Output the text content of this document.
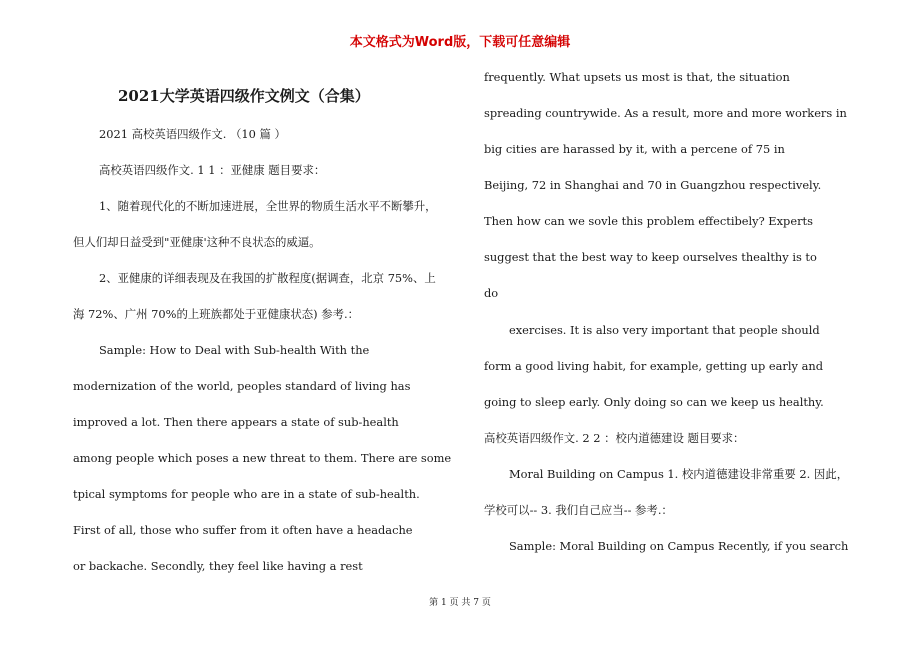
本文格式为Word版，下载可任意编辑
2021大学英语四级作文例文（合集）
2021 高校英语四级作文. （10 篇 ）
高校英语四级作文. 1 1 ：亚健康 题目要求：
1、随着现代化的不断加速进展，全世界的物质生活水平不断攀升，
但人们却日益受到"亚健康'这种不良状态的威逼。
2、亚健康的详细表现及在我国的扩散程度(据调查，北京 75%、上
海 72%、广州 70%的上班族都处于亚健康状态) 参考.：
Sample: How to Deal with Sub-health With the
modernization of the world, peoples standard of living has
improved a lot. Then there appears a state of sub-health
among people which poses a new threat to them. There are some
tpical symptoms for people who are in a state of sub-health.
First of all, those who suffer from it often have a headache
or backache. Secondly, they feel like having a rest
frequently. What upsets us most is that, the situation
spreading countrywide. As a result, more and more workers in
big cities are harassed by it, with a percene of 75 in
Beijing, 72 in Shanghai and 70 in Guangzhou respectively.
Then how can we sovle this problem effectibely? Experts
suggest that the best way to keep ourselves thealthy is to
do
exercises. It is also very important that people should
form a good living habit, for example, getting up early and
going to sleep early. Only doing so can we keep us healthy.
高校英语四级作文. 2 2 ：校内道德建设 题目要求：
Moral Building on Campus 1. 校内道德建设非常重要 2. 因此，
学校可以-- 3. 我们自己应当-- 参考.：
Sample: Moral Building on Campus Recently, if you search
第 1 页 共 7 页
